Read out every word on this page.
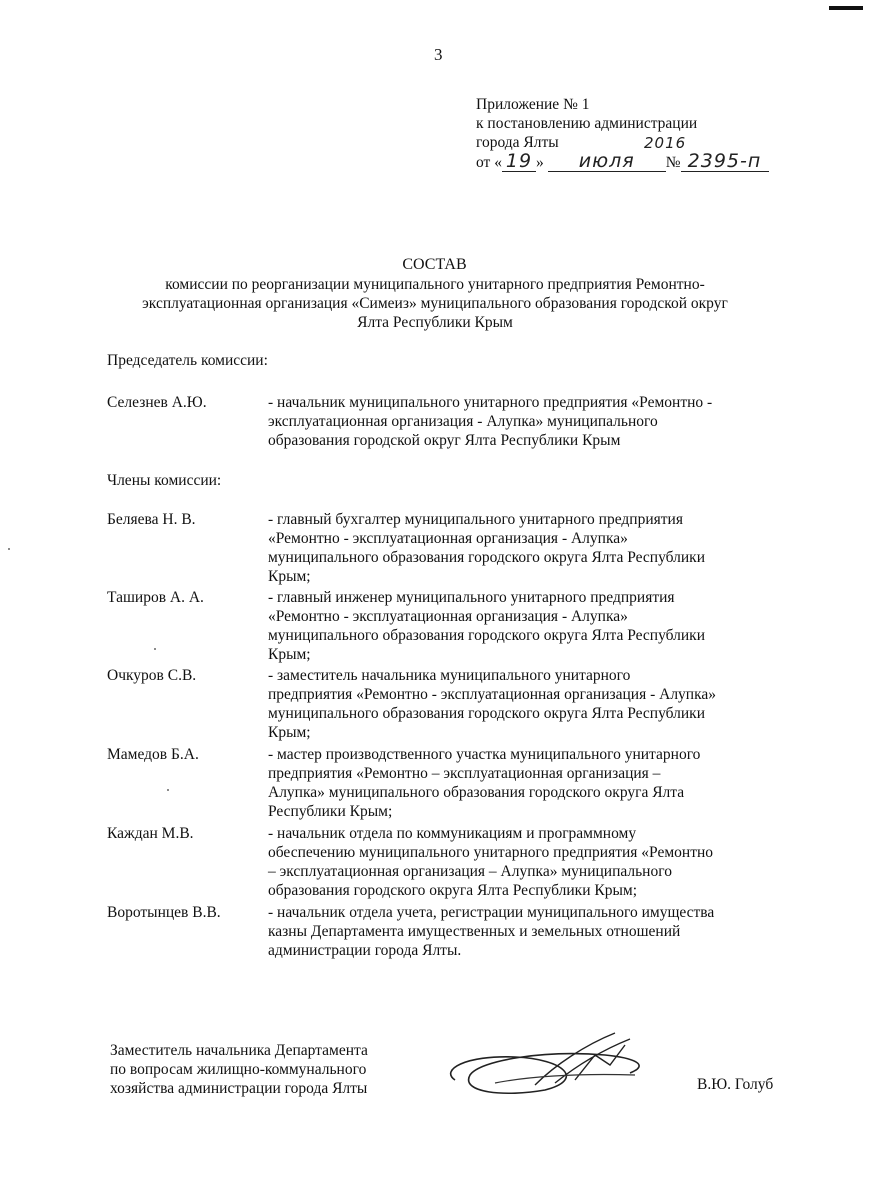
3
Приложение № 1
к постановлению администрации
города Ялты
от « 19 » июля № 2395-п
2016
СОСТАВ
комиссии по реорганизации муниципального унитарного предприятия Ремонтно-
эксплуатационная организация «Симеиз» муниципального образования городской округ
Ялта Республики Крым
Председатель комиссии:
Селезнев А.Ю.	- начальник муниципального унитарного предприятия «Ремонтно -
эксплуатационная организация - Алупка» муниципального
образования городской округ Ялта Республики Крым
Члены комиссии:
Беляева Н. В.	- главный бухгалтер муниципального унитарного предприятия
«Ремонтно - эксплуатационная организация - Алупка»
муниципального образования городского округа Ялта Республики
Крым;
Таширов А. А.	- главный инженер муниципального унитарного предприятия
«Ремонтно - эксплуатационная организация - Алупка»
муниципального образования городского округа Ялта Республики
Крым;
Очкуров С.В.	- заместитель начальника муниципального унитарного
предприятия «Ремонтно - эксплуатационная организация - Алупка»
муниципального образования городского округа Ялта Республики
Крым;
Мамедов Б.А.	- мастер производственного участка муниципального унитарного
предприятия «Ремонтно – эксплуатационная организация –
Алупка» муниципального образования городского округа Ялта
Республики Крым;
Каждан М.В.	- начальник отдела по коммуникациям и программному
обеспечению муниципального унитарного предприятия «Ремонтно
– эксплуатационная организация – Алупка» муниципального
образования городского округа Ялта Республики Крым;
Воротынцев В.В.	- начальник отдела учета, регистрации муниципального имущества
казны Департамента имущественных и земельных отношений
администрации города Ялты.
Заместитель начальника Департамента
по вопросам жилищно-коммунального
хозяйства администрации города Ялты	В.Ю. Голуб
